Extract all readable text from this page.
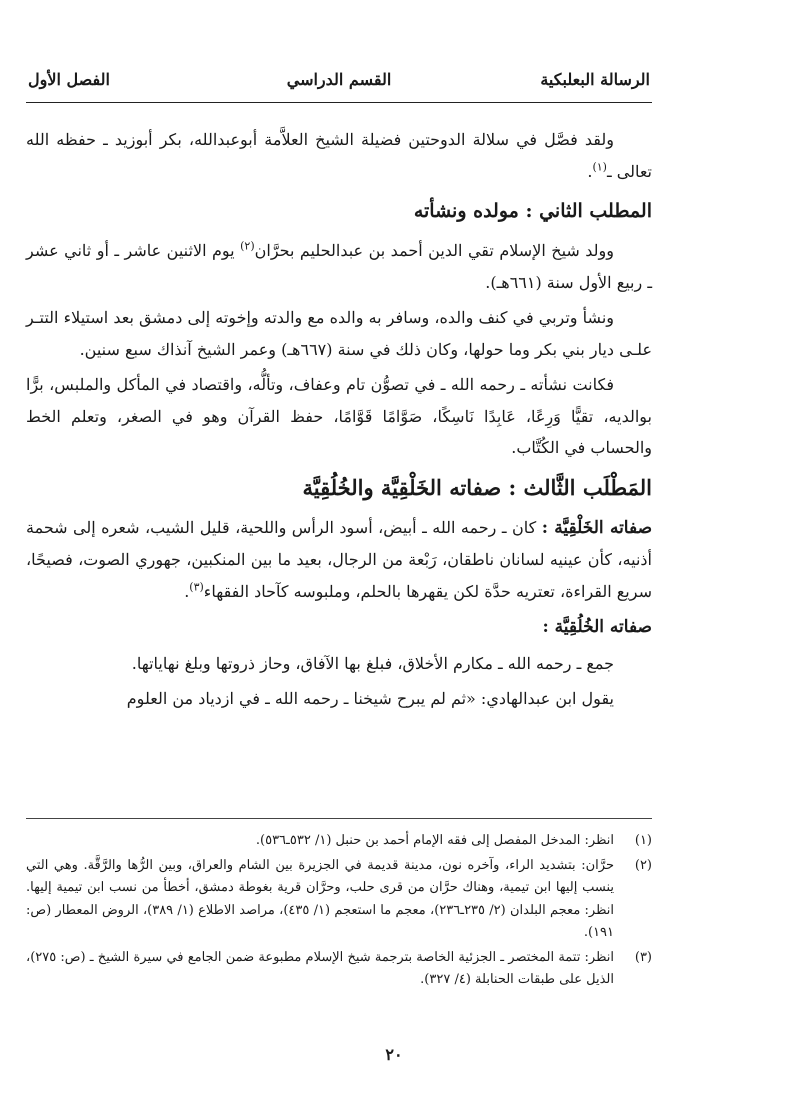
الرسالة البعلبكية
القسم الدراسي
الفصل الأول

ولقد فصَّل في سلالة الدوحتين فضيلة الشيخ العلاَّمة أبوعبدالله، بكر أبوزيد ـ حفظه الله تعالى ـ$^{(١)}$.

المطلب الثاني : مولده ونشأته

وولد شيخ الإسلام تقي الدين أحمد بن عبدالحليم بحرَّان$^{(٢)}$ يوم الاثنين عاشر ـ أو ثاني عشر ـ ربيع الأول سنة (٦٦١هـ).

ونشأ وتربي في كنف والده، وسافر به والده مع والدته وإخوته إلى دمشق بعد استيلاء التتـر علـى ديار بني بكر وما حولها، وكان ذلك في سنة (٦٦٧هـ) وعمر الشيخ آنذاك سبع سنين.

فكانت نشأته ـ رحمه الله ـ في تصوُّن تام وعفاف، وتألُّه، واقتصاد في المأكل والملبس، برًّا بوالديه، تقيًّا وَرِعًا، عَابِدًا نَاسِكًا، صَوَّامًا قَوَّامًا، حفظ القرآن وهو في الصغر، وتعلم الخط والحساب في الكُتَّاب.

المَطْلَب الثَّالث : صفاته الخَلْقِيَّة والخُلُقِيَّة

صفاته الخَلْقِيَّة : كان ـ رحمه الله ـ أبيض، أسود الرأس واللحية، قليل الشيب، شعره إلى شحمة أذنيه، كأن عينيه لسانان ناطقان، رَبْعة من الرجال، بعيد ما بين المنكبين، جهوري الصوت، فصيحًا، سريع القراءة، تعتريه حدَّة لكن يقهرها بالحلم، وملبوسه كآحاد الفقهاء$^{(٣)}$.

صفاته الخُلُقِيَّة :

جمع ـ رحمه الله ـ مكارم الأخلاق، فبلغ بها الآفاق، وحاز ذروتها وبلغ نهاياتها.

يقول ابن عبدالهادي: «ثم لم يبرح شيخنا ـ رحمه الله ـ في ازدياد من العلوم

(١)
انظر: المدخل المفصل إلى فقه الإمام أحمد بن حنبل (١/ ٥٣٢ـ٥٣٦).
(٢)
حرَّان: بتشديد الراء، وآخره نون، مدينة قديمة في الجزيرة بين الشام والعراق، وبين الرُّها والرَّقَّة. وهي التي ينسب إليها ابن تيمية، وهناك حرَّان من قرى حلب، وحرَّان قرية بغوطة دمشق، أخطأ من نسب ابن تيمية إليها. انظر: معجم البلدان (٢/ ٢٣٥ـ٢٣٦)، معجم ما استعجم (١/ ٤٣٥)، مراصد الاطلاع (١/ ٣٨٩)، الروض المعطار (ص: ١٩١).
(٣)
انظر: تتمة المختصر ـ الجزئية الخاصة بترجمة شيخ الإسلام مطبوعة ضمن الجامع في سيرة الشيخ ـ (ص: ٢٧٥)، الذيل على طبقات الحنابلة (٤/ ٣٢٧).
٢٠
